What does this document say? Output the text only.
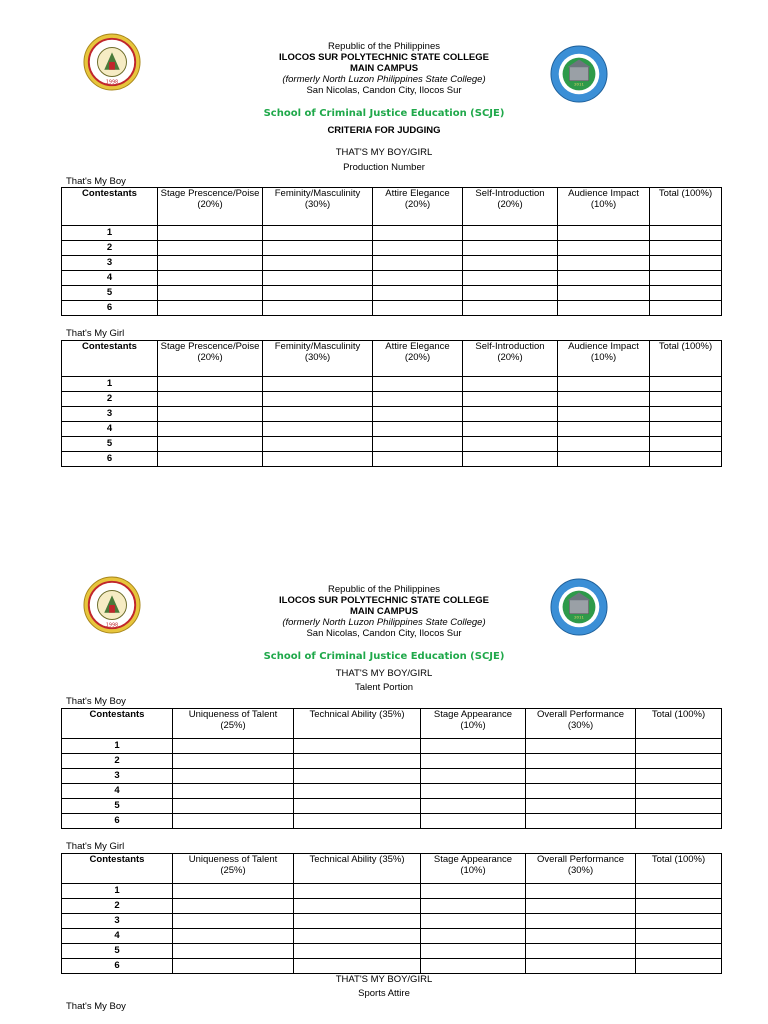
1998	2011
Republic of the Philippines
ILOCOS SUR POLYTECHNIC STATE COLLEGE
MAIN CAMPUS
(formerly North Luzon Philippines State College)
San Nicolas, Candon City, Ilocos Sur
School of Criminal Justice Education (SCJE)
CRITERIA FOR JUDGING
THAT'S MY BOY/GIRL
Production Number
That's My Boy
Contestants	Stage Prescence/Poise (20%)	Feminity/Masculinity (30%)	Attire Elegance (20%)	Self-Introduction (20%)	Audience Impact (10%)	Total (100%)
1						
2						
3						
4						
5						
6						
That's My Girl
Contestants	Stage Prescence/Poise (20%)	Feminity/Masculinity (30%)	Attire Elegance (20%)	Self-Introduction (20%)	Audience Impact (10%)	Total (100%)
1						
2						
3						
4						
5						
6						
1998
2011
Republic of the Philippines
ILOCOS SUR POLYTECHNIC STATE COLLEGE
MAIN CAMPUS
(formerly North Luzon Philippines State College)
San Nicolas, Candon City, Ilocos Sur
School of Criminal Justice Education (SCJE)
THAT'S MY BOY/GIRL
Talent Portion
That's My Boy
Contestants	Uniqueness of Talent (25%)	Technical Ability (35%)	Stage Appearance (10%)	Overall Performance (30%)	Total (100%)
1					
2					
3					
4					
5					
6					
That's My Girl
Contestants	Uniqueness of Talent (25%)	Technical Ability (35%)	Stage Appearance (10%)	Overall Performance (30%)	Total (100%)
1					
2					
3					
4					
5					
6					
THAT'S MY BOY/GIRL
Sports Attire
That's My Boy
